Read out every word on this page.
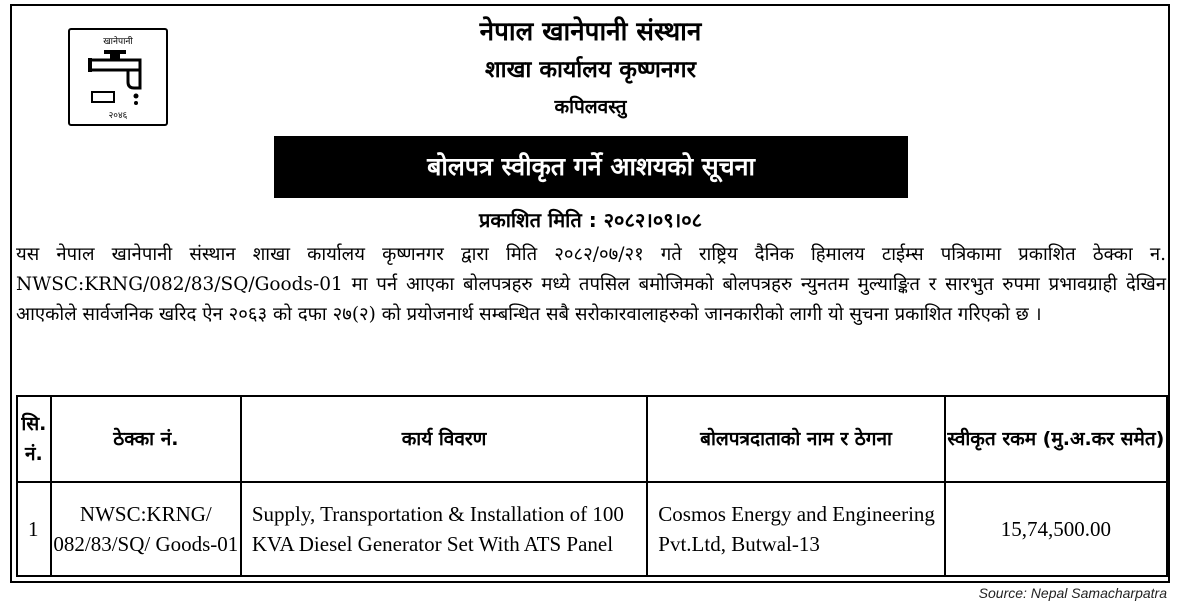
खानेपानी
२०४६
नेपाल खानेपानी संस्थान
शाखा कार्यालय कृष्णनगर
कपिलवस्तु
बोलपत्र स्वीकृत गर्ने आशयको सूचना
प्रकाशित मिति : २०८२।०९।०८
यस नेपाल खानेपानी संस्थान शाखा कार्यालय कृष्णनगर द्वारा मिति २०८२/०७/२१ गते राष्ट्रिय दैनिक हिमालय टाईम्स पत्रिकामा प्रकाशित ठेक्का न. NWSC:KRNG/082/83/SQ/Goods-01 मा पर्न आएका बोलपत्रहरु मध्ये तपसिल बमोजिमको बोलपत्रहरु न्युनतम मुल्याङ्कित र सारभुत रुपमा प्रभावग्राही देखिन आएकोले सार्वजनिक खरिद ऐन २०६३ को दफा २७(२) को प्रयोजनार्थ सम्बन्धित सबै सरोकारवालाहरुको जानकारीको लागी यो सुचना प्रकाशित गरिएको छ ।
सि. नं.	ठेक्का नं.	कार्य विवरण	बोलपत्रदाताको नाम र ठेगना	स्वीकृत रकम (मु.अ.कर समेत)
1	NWSC:KRNG/ 082/83/SQ/ Goods-01	Supply, Transportation & Installation of 100 KVA Diesel Generator Set With ATS Panel	Cosmos Energy and Engineering Pvt.Ltd, Butwal-13	15,74,500.00
Source: Nepal Samacharpatra
